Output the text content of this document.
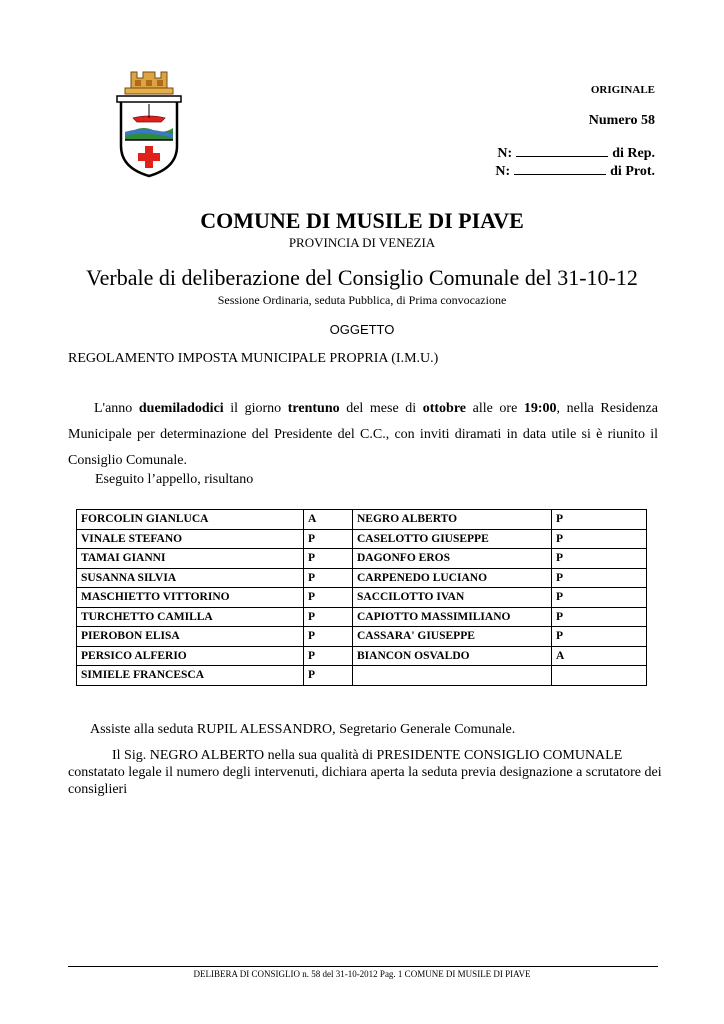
ORIGINALE
Numero 58
N:	di Rep.
N:	di Prot.
COMUNE DI MUSILE DI PIAVE
PROVINCIA DI VENEZIA
Verbale di deliberazione del Consiglio Comunale del 31-10-12
Sessione Ordinaria, seduta Pubblica, di Prima convocazione
OGGETTO
REGOLAMENTO IMPOSTA MUNICIPALE PROPRIA (I.M.U.)
L'anno duemiladodici il giorno trentuno del mese di ottobre alle ore 19:00, nella Residenza Municipale per determinazione del Presidente del C.C., con inviti diramati in data utile si è riunito il Consiglio Comunale.
Eseguito l’appello, risultano
FORCOLIN GIANLUCA	A	NEGRO ALBERTO	P
VINALE STEFANO	P	CASELOTTO GIUSEPPE	P
TAMAI GIANNI	P	DAGONFO EROS	P
SUSANNA SILVIA	P	CARPENEDO LUCIANO	P
MASCHIETTO VITTORINO	P	SACCILOTTO IVAN	P
TURCHETTO CAMILLA	P	CAPIOTTO MASSIMILIANO	P
PIEROBON ELISA	P	CASSARA' GIUSEPPE	P
PERSICO ALFERIO	P	BIANCON OSVALDO	A
SIMIELE FRANCESCA	P		
Assiste alla seduta RUPIL ALESSANDRO, Segretario Generale Comunale.
Il Sig. NEGRO ALBERTO nella sua qualità di PRESIDENTE CONSIGLIO COMUNALE constatato legale il numero degli intervenuti, dichiara aperta la seduta previa designazione a scrutatore dei consiglieri
DELIBERA DI CONSIGLIO n. 58 del 31-10-2012 Pag. 1 COMUNE DI MUSILE DI PIAVE
